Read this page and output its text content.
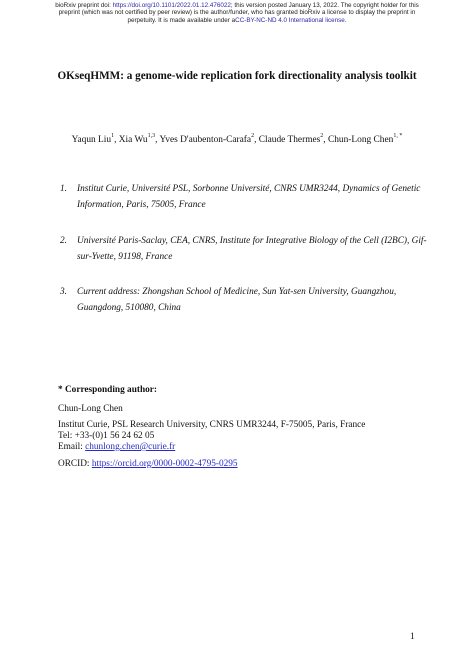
bioRxiv preprint doi: https://doi.org/10.1101/2022.01.12.476022; this version posted January 13, 2022. The copyright holder for this
preprint (which was not certified by peer review) is the author/funder, who has granted bioRxiv a license to display the preprint in
perpetuity. It is made available under aCC-BY-NC-ND 4.0 International license.
OKseqHMM: a genome-wide replication fork directionality analysis toolkit
Yaqun Liu$^1$, Xia Wu$^{1,3}$, Yves D'aubenton-Carafa$^2$, Claude Thermes$^2$, Chun-Long Chen$^{1, *}$
1. Institut Curie, Université PSL, Sorbonne Université, CNRS UMR3244, Dynamics of Genetic Information, Paris, 75005, France
2. Université Paris-Saclay, CEA, CNRS, Institute for Integrative Biology of the Cell (I2BC), Gif-sur-Yvette, 91198, France
3. Current address: Zhongshan School of Medicine, Sun Yat-sen University, Guangzhou, Guangdong, 510080, China
* Corresponding author:
Chun-Long Chen
Institut Curie, PSL Research University, CNRS UMR3244, F-75005, Paris, France
Tel: +33-(0)1 56 24 62 05
Email: chunlong.chen@curie.fr
ORCID: https://orcid.org/0000-0002-4795-0295
1
